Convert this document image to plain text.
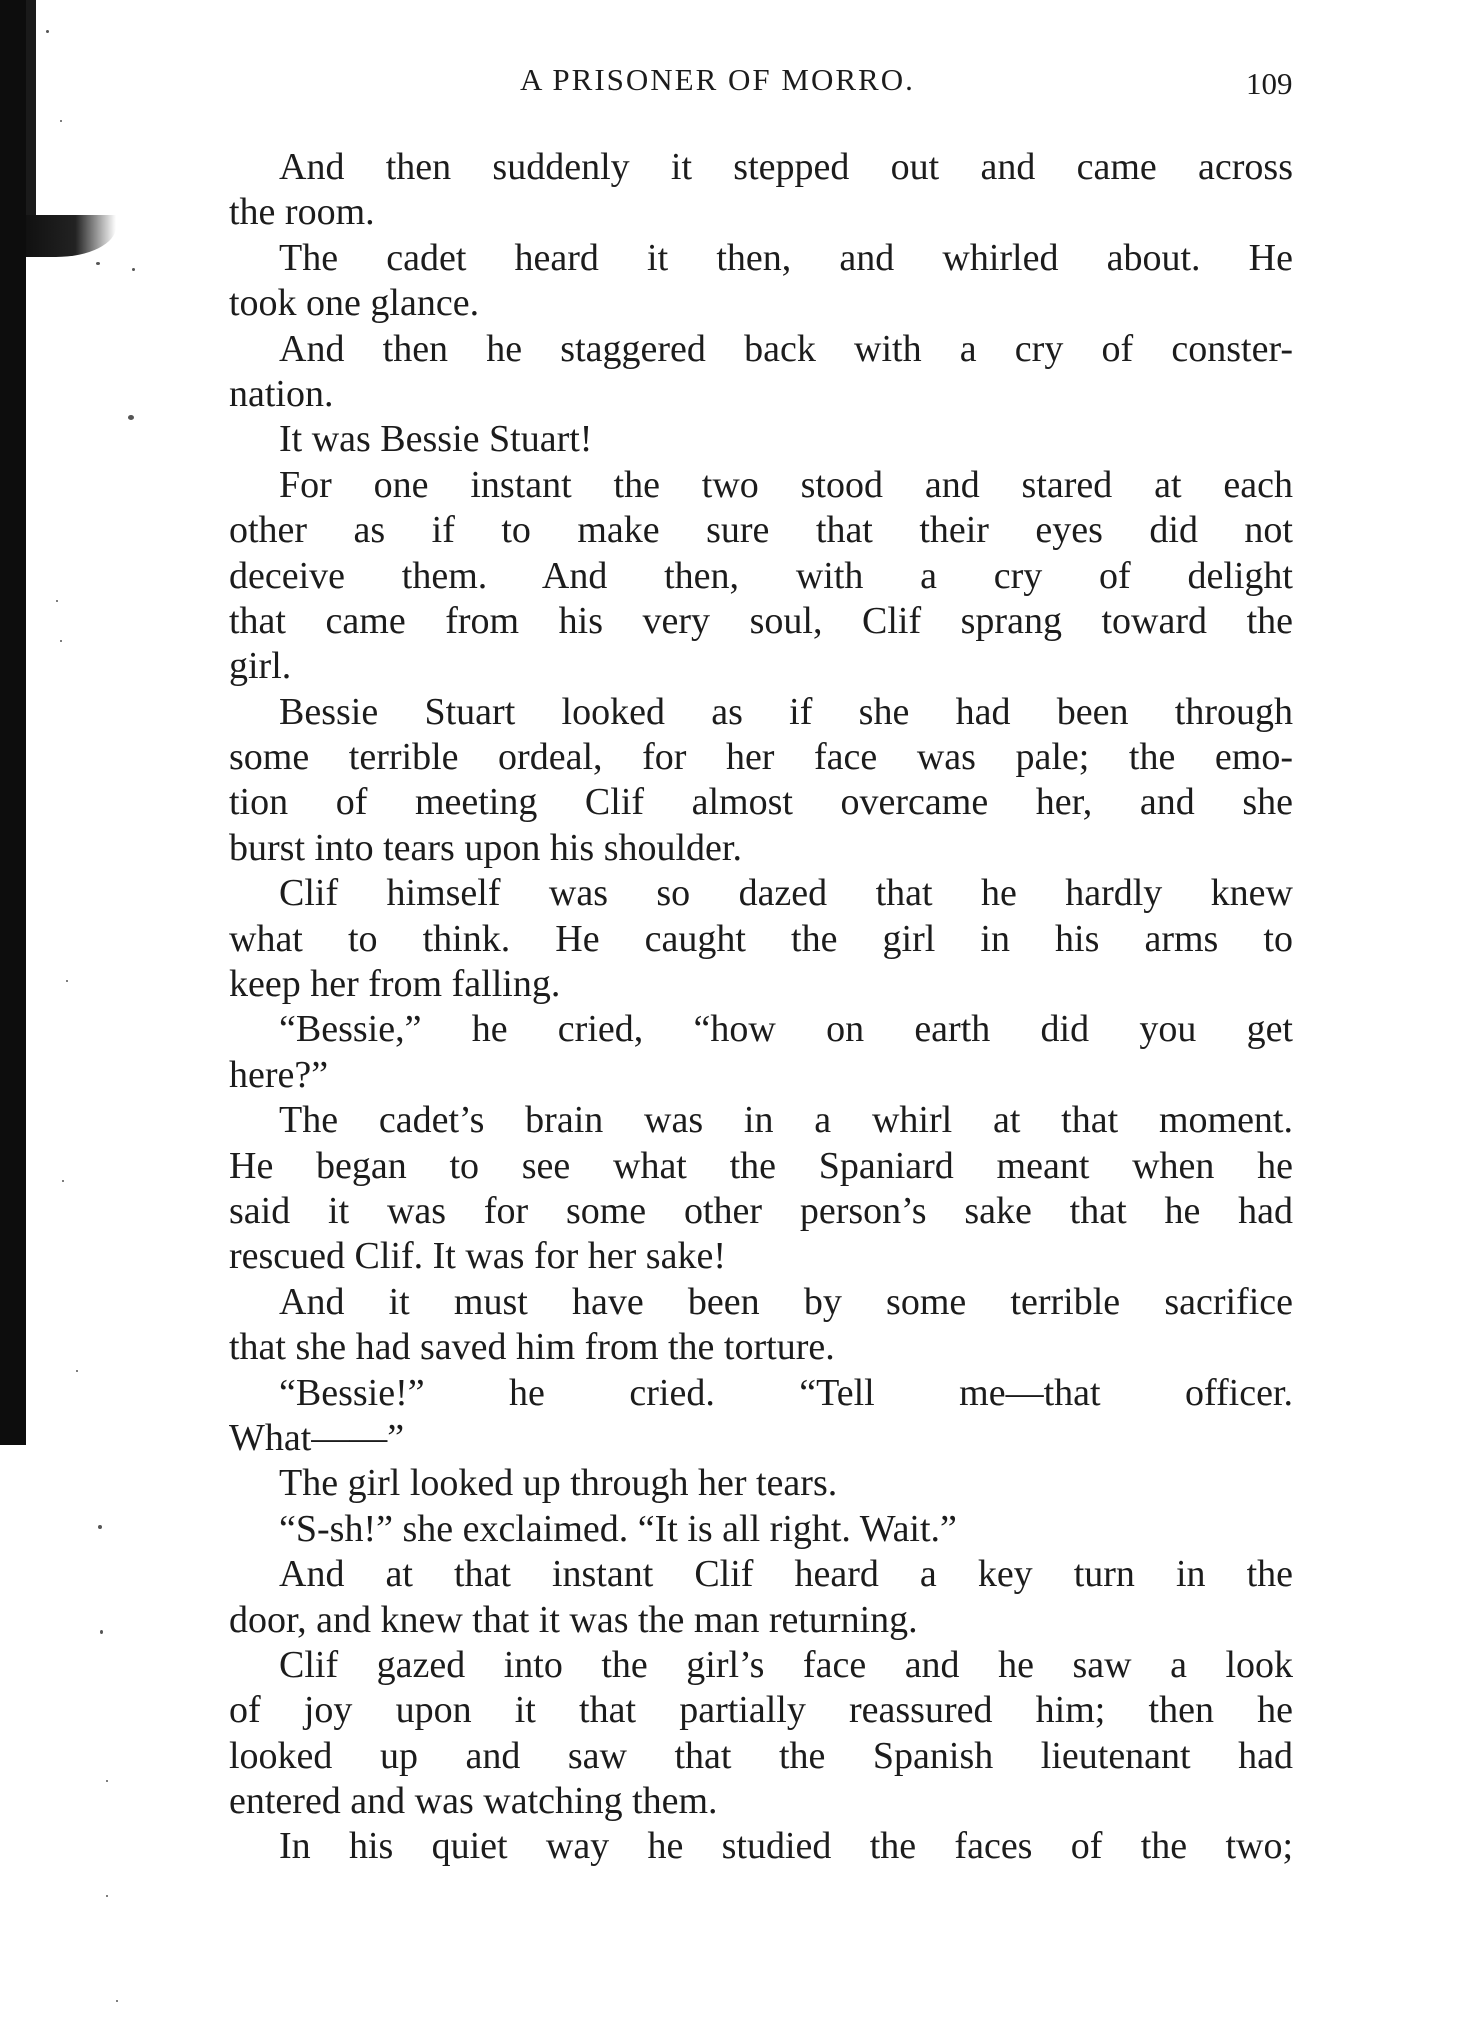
A PRISONER OF MORRO.	109
And then suddenly it stepped out and came across
the room.
The cadet heard it then, and whirled about. He
took one glance.
And then he staggered back with a cry of conster-
nation.
It was Bessie Stuart!
For one instant the two stood and stared at each
other as if to make sure that their eyes did not
deceive them. And then, with a cry of delight
that came from his very soul, Clif sprang toward the
girl.
Bessie Stuart looked as if she had been through
some terrible ordeal, for her face was pale; the emo-
tion of meeting Clif almost overcame her, and she
burst into tears upon his shoulder.
Clif himself was so dazed that he hardly knew
what to think. He caught the girl in his arms to
keep her from falling.
“Bessie,” he cried, “how on earth did you get
here?”
The cadet’s brain was in a whirl at that moment.
He began to see what the Spaniard meant when he
said it was for some other person’s sake that he had
rescued Clif. It was for her sake!
And it must have been by some terrible sacrifice
that she had saved him from the torture.
“Bessie!” he cried. “Tell me—that officer.
What——”
The girl looked up through her tears.
“S-sh!” she exclaimed. “It is all right. Wait.”
And at that instant Clif heard a key turn in the
door, and knew that it was the man returning.
Clif gazed into the girl’s face and he saw a look
of joy upon it that partially reassured him; then he
looked up and saw that the Spanish lieutenant had
entered and was watching them.
In his quiet way he studied the faces of the two;
